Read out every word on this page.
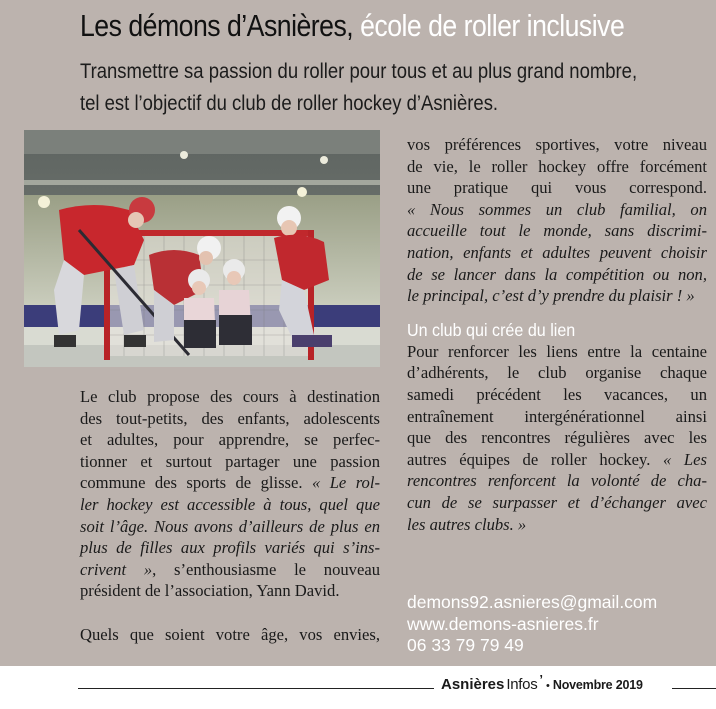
Les démons d’Asnières, école de roller inclusive
Transmettre sa passion du roller pour tous et au plus grand nombre,
tel est l’objectif du club de roller hockey d’Asnières.
Le club propose des cours à destination
des tout-petits, des enfants, adolescents
et adultes, pour apprendre, se perfec-
tionner et surtout partager une passion
commune des sports de glisse. « Le rol-
ler hockey est accessible à tous, quel que
soit l’âge. Nous avons d’ailleurs de plus en
plus de filles aux profils variés qui s’ins-
crivent », s’enthousiasme le nouveau
président de l’association, Yann David.
Quels que soient votre âge, vos envies,
vos préférences sportives, votre niveau
de vie, le roller hockey offre forcément
une pratique qui vous correspond.
« Nous sommes un club familial, on
accueille tout le monde, sans discrimi-
nation, enfants et adultes peuvent choisir
de se lancer dans la compétition ou non,
le principal, c’est d’y prendre du plaisir ! »
Un club qui crée du lien
Pour renforcer les liens entre la centaine
d’adhérents, le club organise chaque
samedi précédent les vacances, un
entraînement intergénérationnel ainsi
que des rencontres régulières avec les
autres équipes de roller hockey. « Les
rencontres renforcent la volonté de cha-
cun de se surpasser et d’échanger avec
les autres clubs. »
demons92.asnieres@gmail.com
www.demons-asnieres.fr
06 33 79 79 49
Asnières Infos ’ • Novembre 2019
